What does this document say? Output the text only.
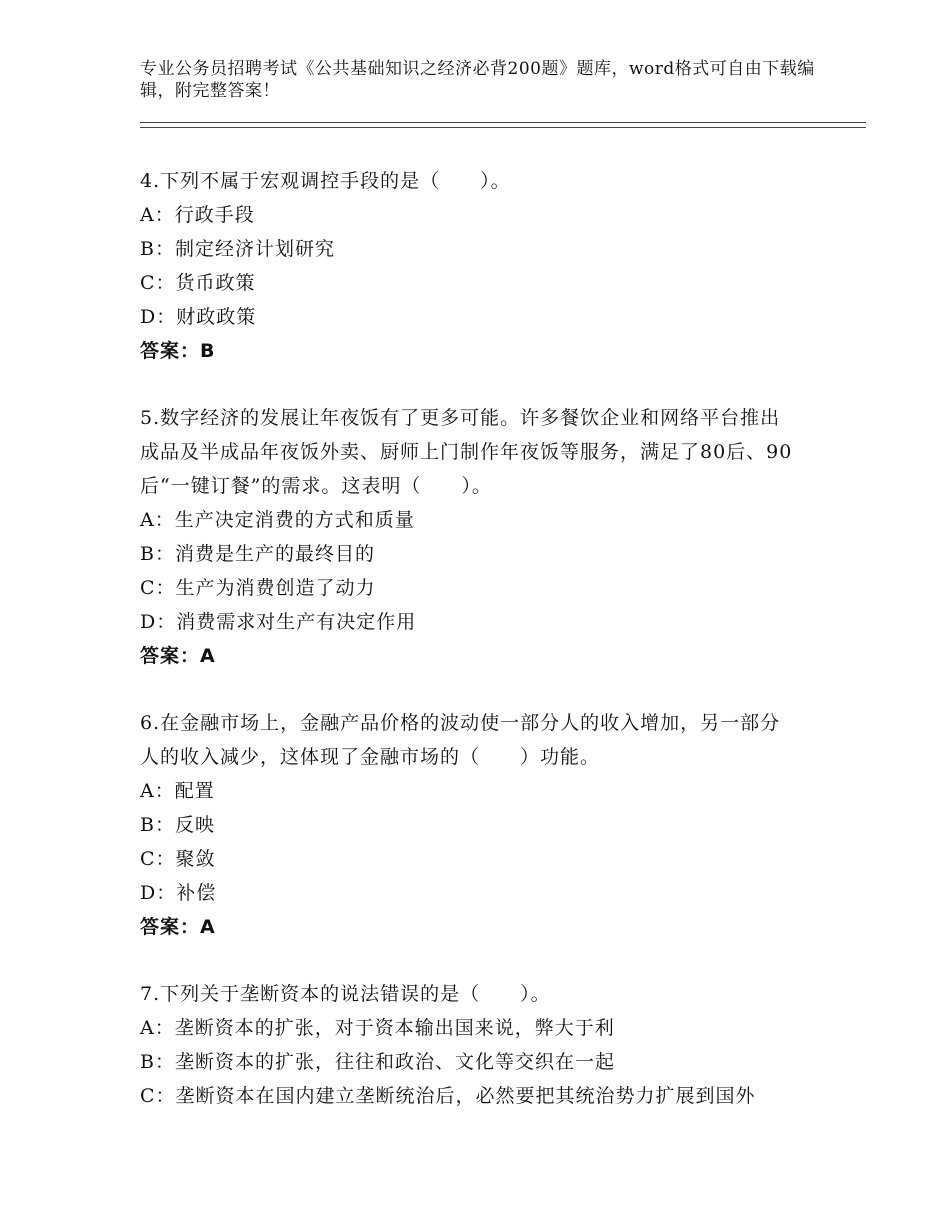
专业公务员招聘考试《公共基础知识之经济必背200题》题库，word格式可自由下载编辑，附完整答案！
4.下列不属于宏观调控手段的是（　　）。
A：行政手段
B：制定经济计划研究
C：货币政策
D：财政政策
答案：B
5.数字经济的发展让年夜饭有了更多可能。许多餐饮企业和网络平台推出成品及半成品年夜饭外卖、厨师上门制作年夜饭等服务，满足了80后、90后“一键订餐”的需求。这表明（　　）。
A：生产决定消费的方式和质量
B：消费是生产的最终目的
C：生产为消费创造了动力
D：消费需求对生产有决定作用
答案：A
6.在金融市场上，金融产品价格的波动使一部分人的收入增加，另一部分人的收入减少，这体现了金融市场的（　　）功能。
A：配置
B：反映
C：聚敛
D：补偿
答案：A
7.下列关于垄断资本的说法错误的是（　　）。
A：垄断资本的扩张，对于资本输出国来说，弊大于利
B：垄断资本的扩张，往往和政治、文化等交织在一起
C：垄断资本在国内建立垄断统治后，必然要把其统治势力扩展到国外
